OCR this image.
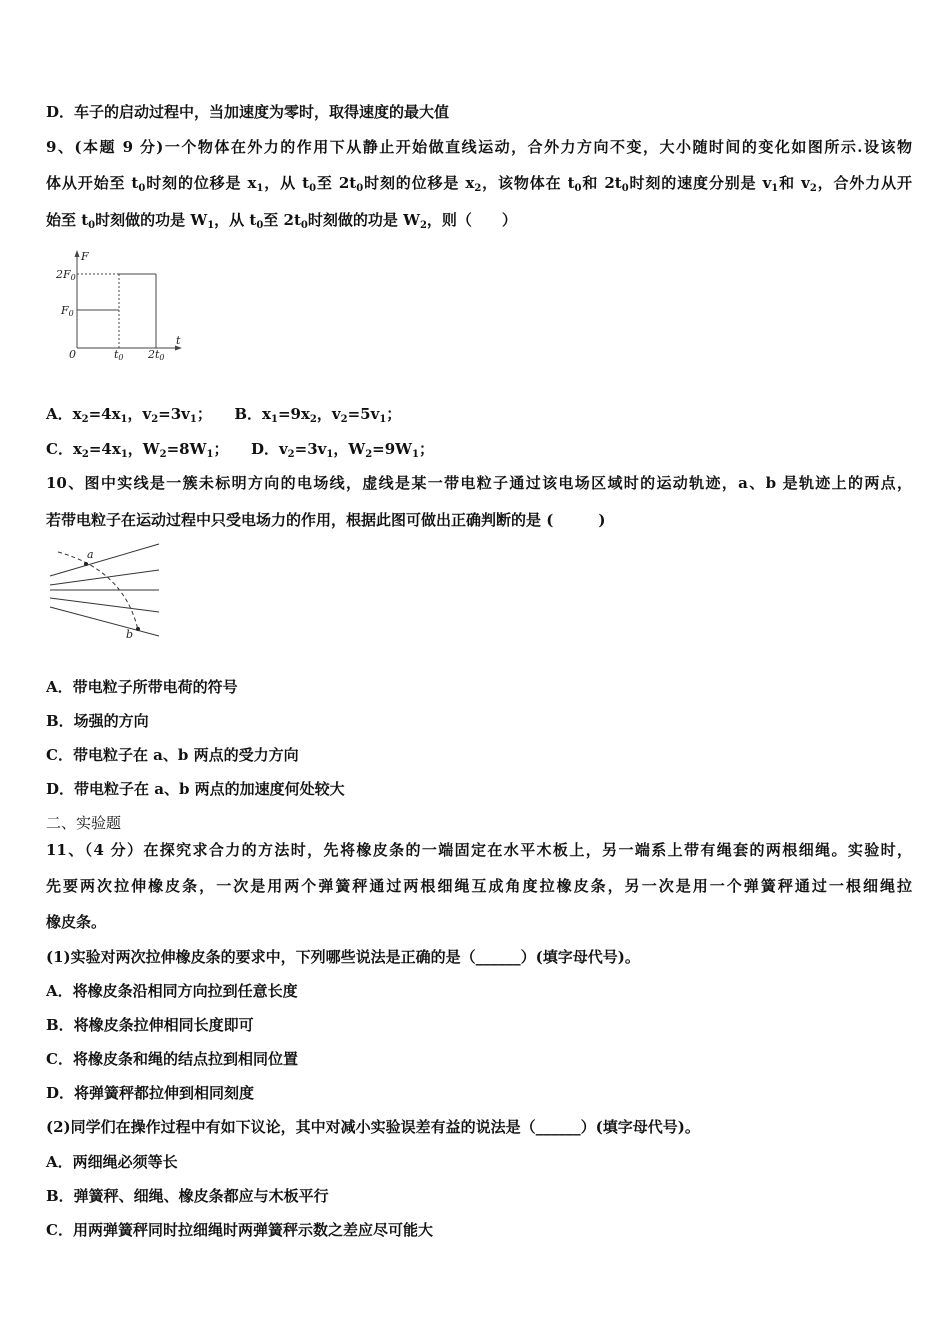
D．车子的启动过程中，当加速度为零时，取得速度的最大值
9、(本题 9 分)一个物体在外力的作用下从静止开始做直线运动，合外力方向不变，大小随时间的变化如图所示.设该物
体从开始至 $t_0$时刻的位移是 $x_1$，从 $t_0$至 $2t_0$时刻的位移是 $x_2$，该物体在 $t_0$和 $2t_0$时刻的速度分别是 $v_1$和 $v_2$，合外力从开
始至 $t_0$时刻做的功是 $W_1$，从 $t_0$至 $2t_0$时刻做的功是 $W_2$，则（　　）
F
t
2F0
F0
0	t0 2t0
A．$x_2=4x_1$，$v_2=3v_1$；　　B．$x_1=9x_2$，$v_2=5v_1$；
C．$x_2=4x_1$，$W_2=8W_1$；　　D．$v_2=3v_1$，$W_2=9W_1$；
10、图中实线是一簇未标明方向的电场线，虚线是某一带电粒子通过该电场区域时的运动轨迹，a、b 是轨迹上的两点，
若带电粒子在运动过程中只受电场力的作用，根据此图可做出正确判断的是 (　　　)
a
b
A．带电粒子所带电荷的符号
B．场强的方向
C．带电粒子在 a、b 两点的受力方向
D．带电粒子在 a、b 两点的加速度何处较大
二、实验题
11、（4 分）在探究求合力的方法时，先将橡皮条的一端固定在水平木板上，另一端系上带有绳套的两根细绳。实验时，
先要两次拉伸橡皮条，一次是用两个弹簧秤通过两根细绳互成角度拉橡皮条，另一次是用一个弹簧秤通过一根细绳拉
橡皮条。
(1)实验对两次拉伸橡皮条的要求中，下列哪些说法是正确的是（______）(填字母代号)。
A．将橡皮条沿相同方向拉到任意长度
B．将橡皮条拉伸相同长度即可
C．将橡皮条和绳的结点拉到相同位置
D．将弹簧秤都拉伸到相同刻度
(2)同学们在操作过程中有如下议论，其中对减小实验误差有益的说法是（______）(填字母代号)。
A．两细绳必须等长
B．弹簧秤、细绳、橡皮条都应与木板平行
C．用两弹簧秤同时拉细绳时两弹簧秤示数之差应尽可能大
